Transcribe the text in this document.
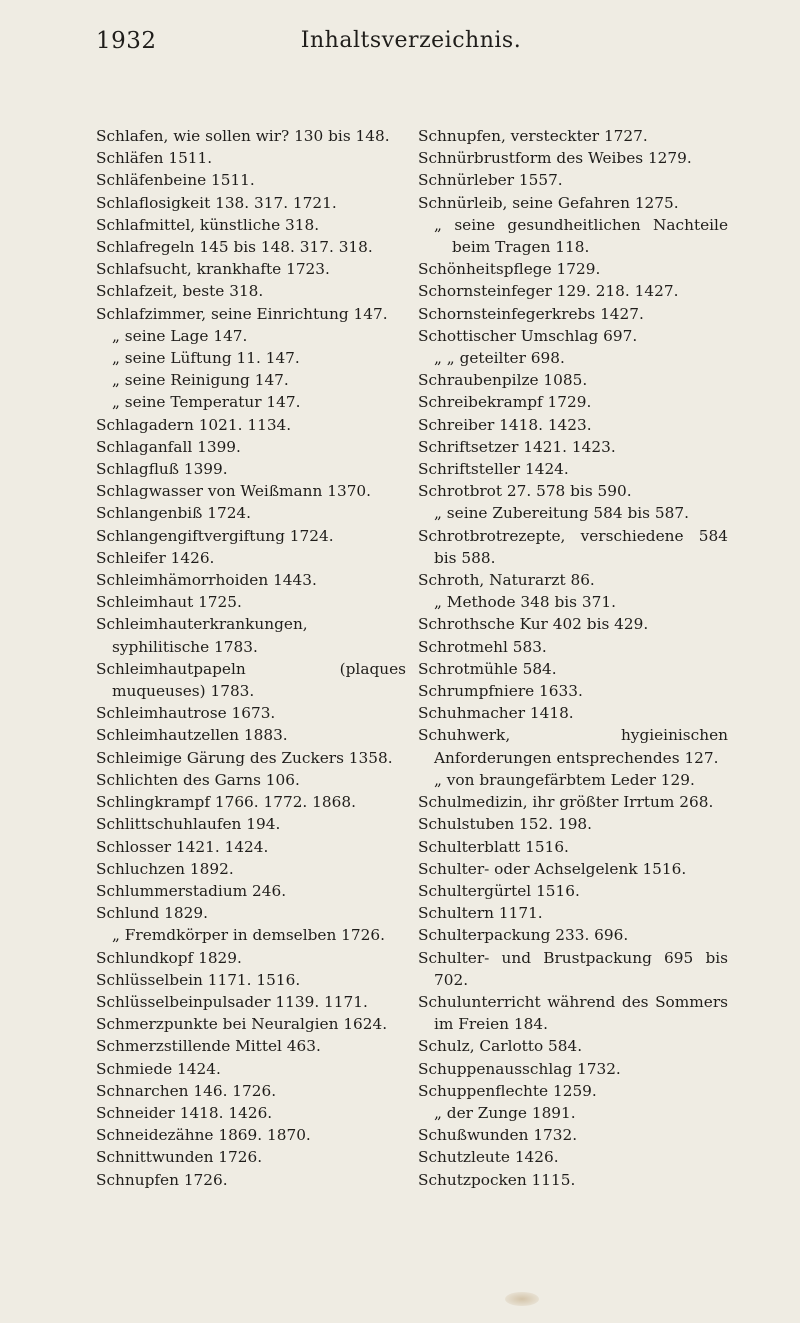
1932	Inhaltsverzeichnis.
Schlafen, wie sollen wir? 130 bis 148.
Schläfen 1511.
Schläfenbeine 1511.
Schlaflosigkeit 138. 317. 1721.
Schlafmittel, künstliche 318.
Schlafregeln 145 bis 148. 317. 318.
Schlafsucht, krankhafte 1723.
Schlafzeit, beste 318.
Schlafzimmer, seine Einrichtung 147.
„ seine Lage 147.
„ seine Lüftung 11. 147.
„ seine Reinigung 147.
„ seine Temperatur 147.
Schlagadern 1021. 1134.
Schlaganfall 1399.
Schlagfluß 1399.
Schlagwasser von Weißmann 1370.
Schlangenbiß 1724.
Schlangengiftvergiftung 1724.
Schleifer 1426.
Schleimhämorrhoiden 1443.
Schleimhaut 1725.
Schleimhauterkrankungen, syphilitische 1783.
Schleimhautpapeln (plaques muqueuses) 1783.
Schleimhautrose 1673.
Schleimhautzellen 1883.
Schleimige Gärung des Zuckers 1358.
Schlichten des Garns 106.
Schlingkrampf 1766. 1772. 1868.
Schlittschuhlaufen 194.
Schlosser 1421. 1424.
Schluchzen 1892.
Schlummerstadium 246.
Schlund 1829.
„ Fremdkörper in demselben 1726.
Schlundkopf 1829.
Schlüsselbein 1171. 1516.
Schlüsselbeinpulsader 1139. 1171.
Schmerzpunkte bei Neuralgien 1624.
Schmerzstillende Mittel 463.
Schmiede 1424.
Schnarchen 146. 1726.
Schneider 1418. 1426.
Schneidezähne 1869. 1870.
Schnittwunden 1726.
Schnupfen 1726.
Schnupfen, versteckter 1727.
Schnürbrustform des Weibes 1279.
Schnürleber 1557.
Schnürleib, seine Gefahren 1275.
„ seine gesundheitlichen Nachteile beim Tragen 118.
Schönheitspflege 1729.
Schornsteinfeger 129. 218. 1427.
Schornsteinfegerkrebs 1427.
Schottischer Umschlag 697.
„ „ geteilter 698.
Schraubenpilze 1085.
Schreibekrampf 1729.
Schreiber 1418. 1423.
Schriftsetzer 1421. 1423.
Schriftsteller 1424.
Schrotbrot 27. 578 bis 590.
„ seine Zubereitung 584 bis 587.
Schrotbrotrezepte, verschiedene 584 bis 588.
Schroth, Naturarzt 86.
„ Methode 348 bis 371.
Schrothsche Kur 402 bis 429.
Schrotmehl 583.
Schrotmühle 584.
Schrumpfniere 1633.
Schuhmacher 1418.
Schuhwerk, hygieinischen Anforderungen entsprechendes 127.
„ von braungefärbtem Leder 129.
Schulmedizin, ihr größter Irrtum 268.
Schulstuben 152. 198.
Schulterblatt 1516.
Schulter- oder Achselgelenk 1516.
Schultergürtel 1516.
Schultern 1171.
Schulterpackung 233. 696.
Schulter- und Brustpackung 695 bis 702.
Schulunterricht während des Sommers im Freien 184.
Schulz, Carlotto 584.
Schuppenausschlag 1732.
Schuppenflechte 1259.
„ der Zunge 1891.
Schußwunden 1732.
Schutzleute 1426.
Schutzpocken 1115.
